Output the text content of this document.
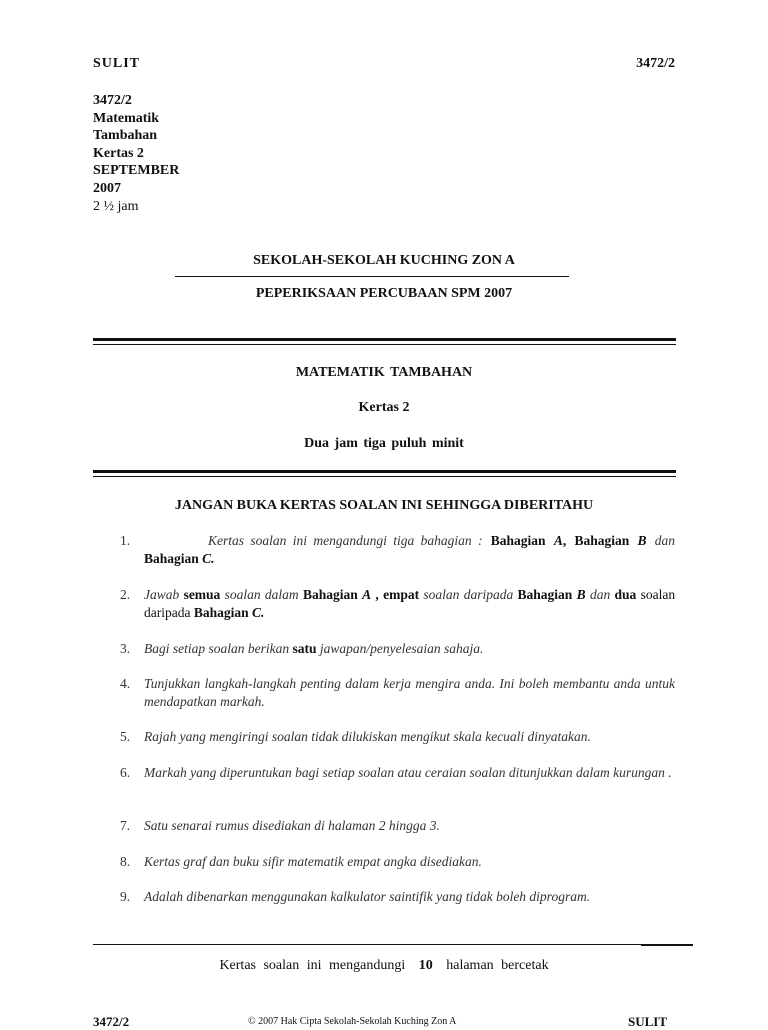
SULIT	3472/2
3472/2
Matematik
Tambahan
Kertas 2
SEPTEMBER
2007
2 ½ jam
SEKOLAH-SEKOLAH KUCHING ZON A
PEPERIKSAAN PERCUBAAN SPM 2007
MATEMATIK TAMBAHAN
Kertas 2
Dua jam tiga puluh minit
JANGAN BUKA KERTAS SOALAN INI SEHINGGA DIBERITAHU
1.	Kertas soalan ini mengandungi tiga bahagian : Bahagian A, Bahagian B dan Bahagian C.
2. Jawab semua soalan dalam Bahagian A , empat soalan daripada Bahagian B dan dua soalan daripada Bahagian C.
3. Bagi setiap soalan berikan satu jawapan/penyelesaian sahaja.
4. Tunjukkan langkah-langkah penting dalam kerja mengira anda. Ini boleh membantu anda untuk mendapatkan markah.
5. Rajah yang mengiringi soalan tidak dilukiskan mengikut skala kecuali dinyatakan.
6. Markah yang diperuntukan bagi setiap soalan atau ceraian soalan ditunjukkan dalam kurungan .
7. Satu senarai rumus disediakan di halaman 2 hingga 3.
8. Kertas graf dan buku sifir matematik empat angka disediakan.
9. Adalah dibenarkan menggunakan kalkulator saintifik yang tidak boleh diprogram.
Kertas soalan ini mengandungi 10 halaman bercetak
3472/2	© 2007 Hak Cipta Sekolah-Sekolah Kuching Zon A	SULIT
